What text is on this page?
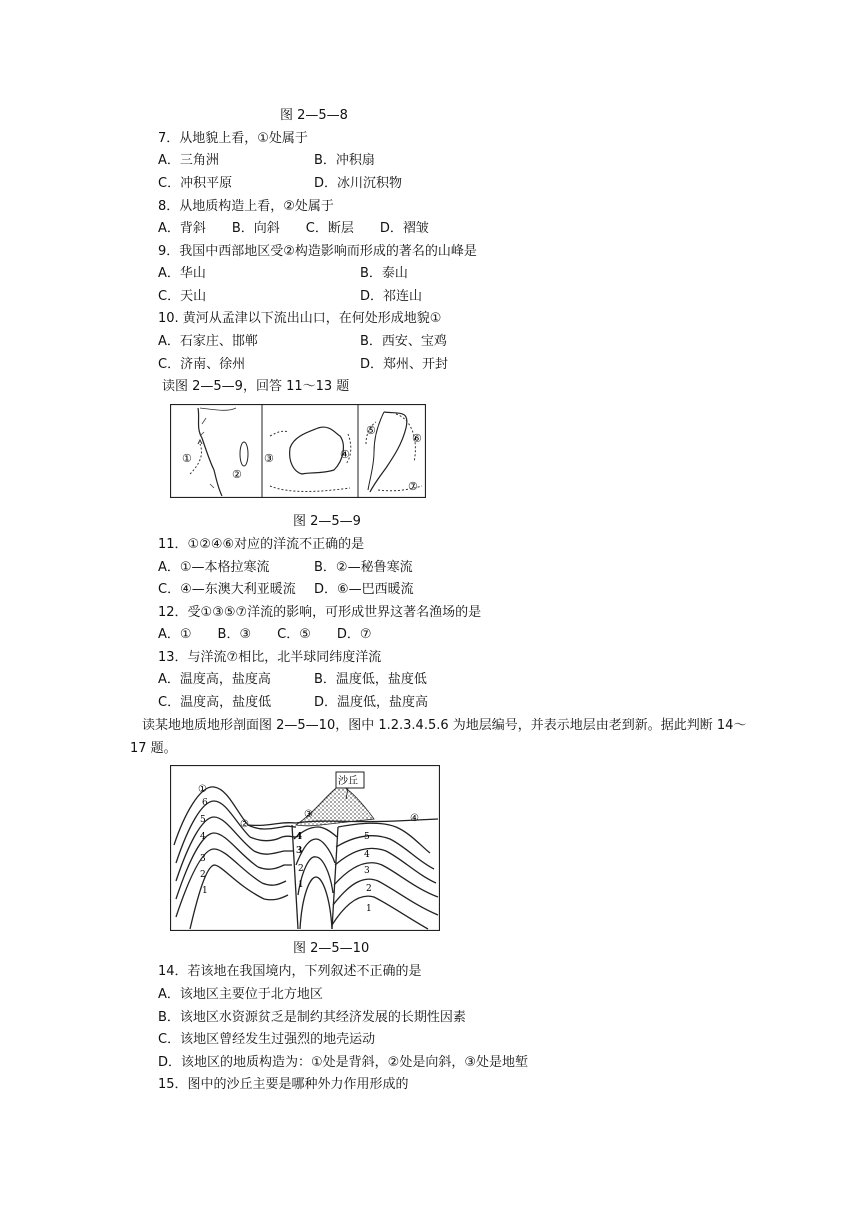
图 2—5—8
7．从地貌上看，①处属于
A．三角洲	B．冲积扇
C．冲积平原	D．冰川沉积物
8．从地质构造上看，②处属于
A．背斜　　B．向斜　　C．断层　　D．褶皱
9．我国中西部地区受②构造影响而形成的著名的山峰是
A．华山	B．泰山
C．天山	D．祁连山
10. 黄河从孟津以下流出山口，在何处形成地貌①
A．石家庄、邯郸	B．西安、宝鸡
C．济南、徐州	D．郑州、开封
读图 2—5—9，回答 11～13 题
①
②
③	④
⑤
⑥
⑦
图 2—5—9
11．①②④⑥对应的洋流不正确的是
A．①—本格拉寒流	B．②—秘鲁寒流
C．④—东澳大利亚暖流 D．⑥—巴西暖流
12．受①③⑤⑦洋流的影响，可形成世界这著名渔场的是
A．①　　B．③　　C．⑤　　D．⑦
13．与洋流⑦相比，北半球同纬度洋流
A．温度高，盐度高	B．温度低，盐度低
C．温度高，盐度低	D．温度低，盐度高
读某地地质地形剖面图 2—5—10，图中 1.2.3.4.5.6 为地层编号，并表示地层由老到新。据此判断 14～
17 题。
沙丘
①
②
③	④
6
5
4
3
2
1
4
3
2
1
5
4
3
2
1
图 2—5—10
14．若该地在我国境内，下列叙述不正确的是
A．该地区主要位于北方地区
B．该地区水资源贫乏是制约其经济发展的长期性因素
C．该地区曾经发生过强烈的地壳运动
D．该地区的地质构造为：①处是背斜，②处是向斜，③处是地堑
15．图中的沙丘主要是哪种外力作用形成的
